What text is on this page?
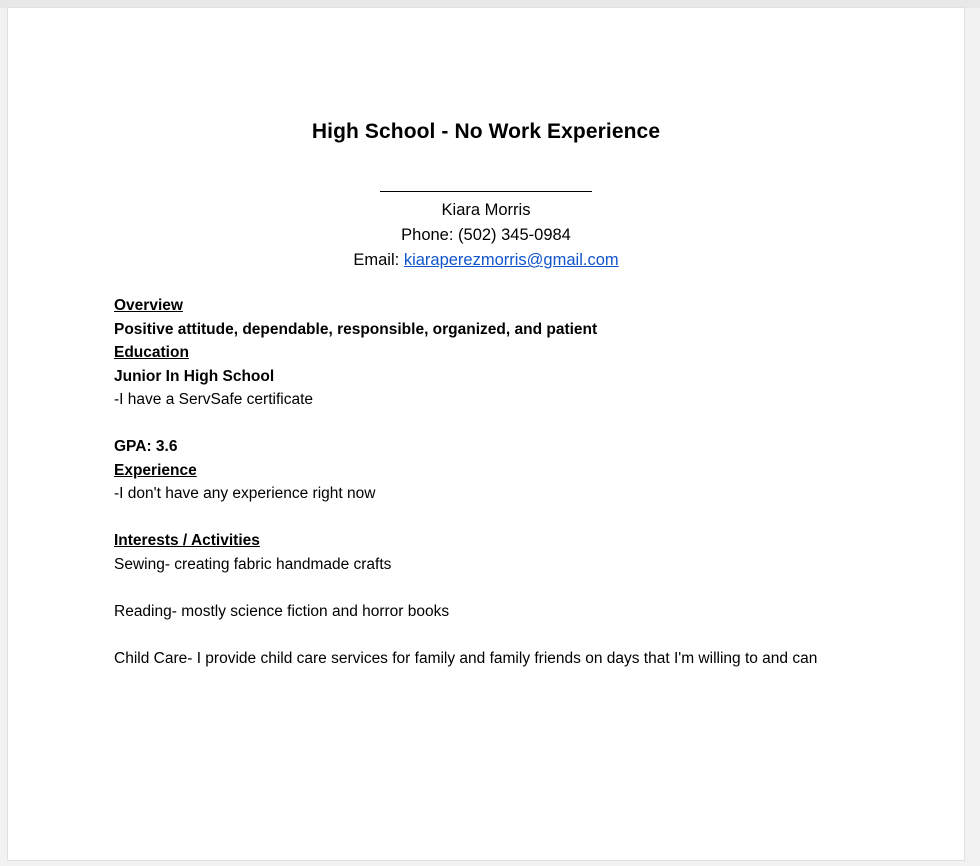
High School - No Work Experience
Kiara Morris
Phone: (502) 345-0984
Email: kiaraperezmorris@gmail.com
Overview
Positive attitude, dependable, responsible, organized, and patient
Education
Junior In High School
-I have a ServSafe certificate
GPA: 3.6
Experience
-I don't have any experience right now
Interests / Activities
Sewing- creating fabric handmade crafts
Reading- mostly science fiction and horror books
Child Care- I provide child care services for family and family friends on days that I'm willing to and can
